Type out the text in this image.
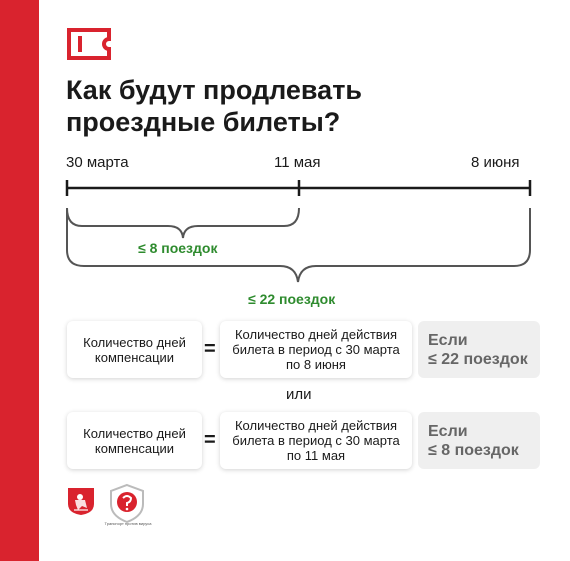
Как будут продлевать
проездные билеты?
30 марта	11 мая	8 июня
≤ 8 поездок
≤ 22 поездок
Количество дней компенсации	=
Количество дней действия билета в период с 30 марта по 8 июня
Если
≤ 22 поездок
или
Количество дней компенсации	=
Количество дней действия билета в период с 30 марта по 11 мая
Если
≤ 8 поездок
Транспорт против вируса
